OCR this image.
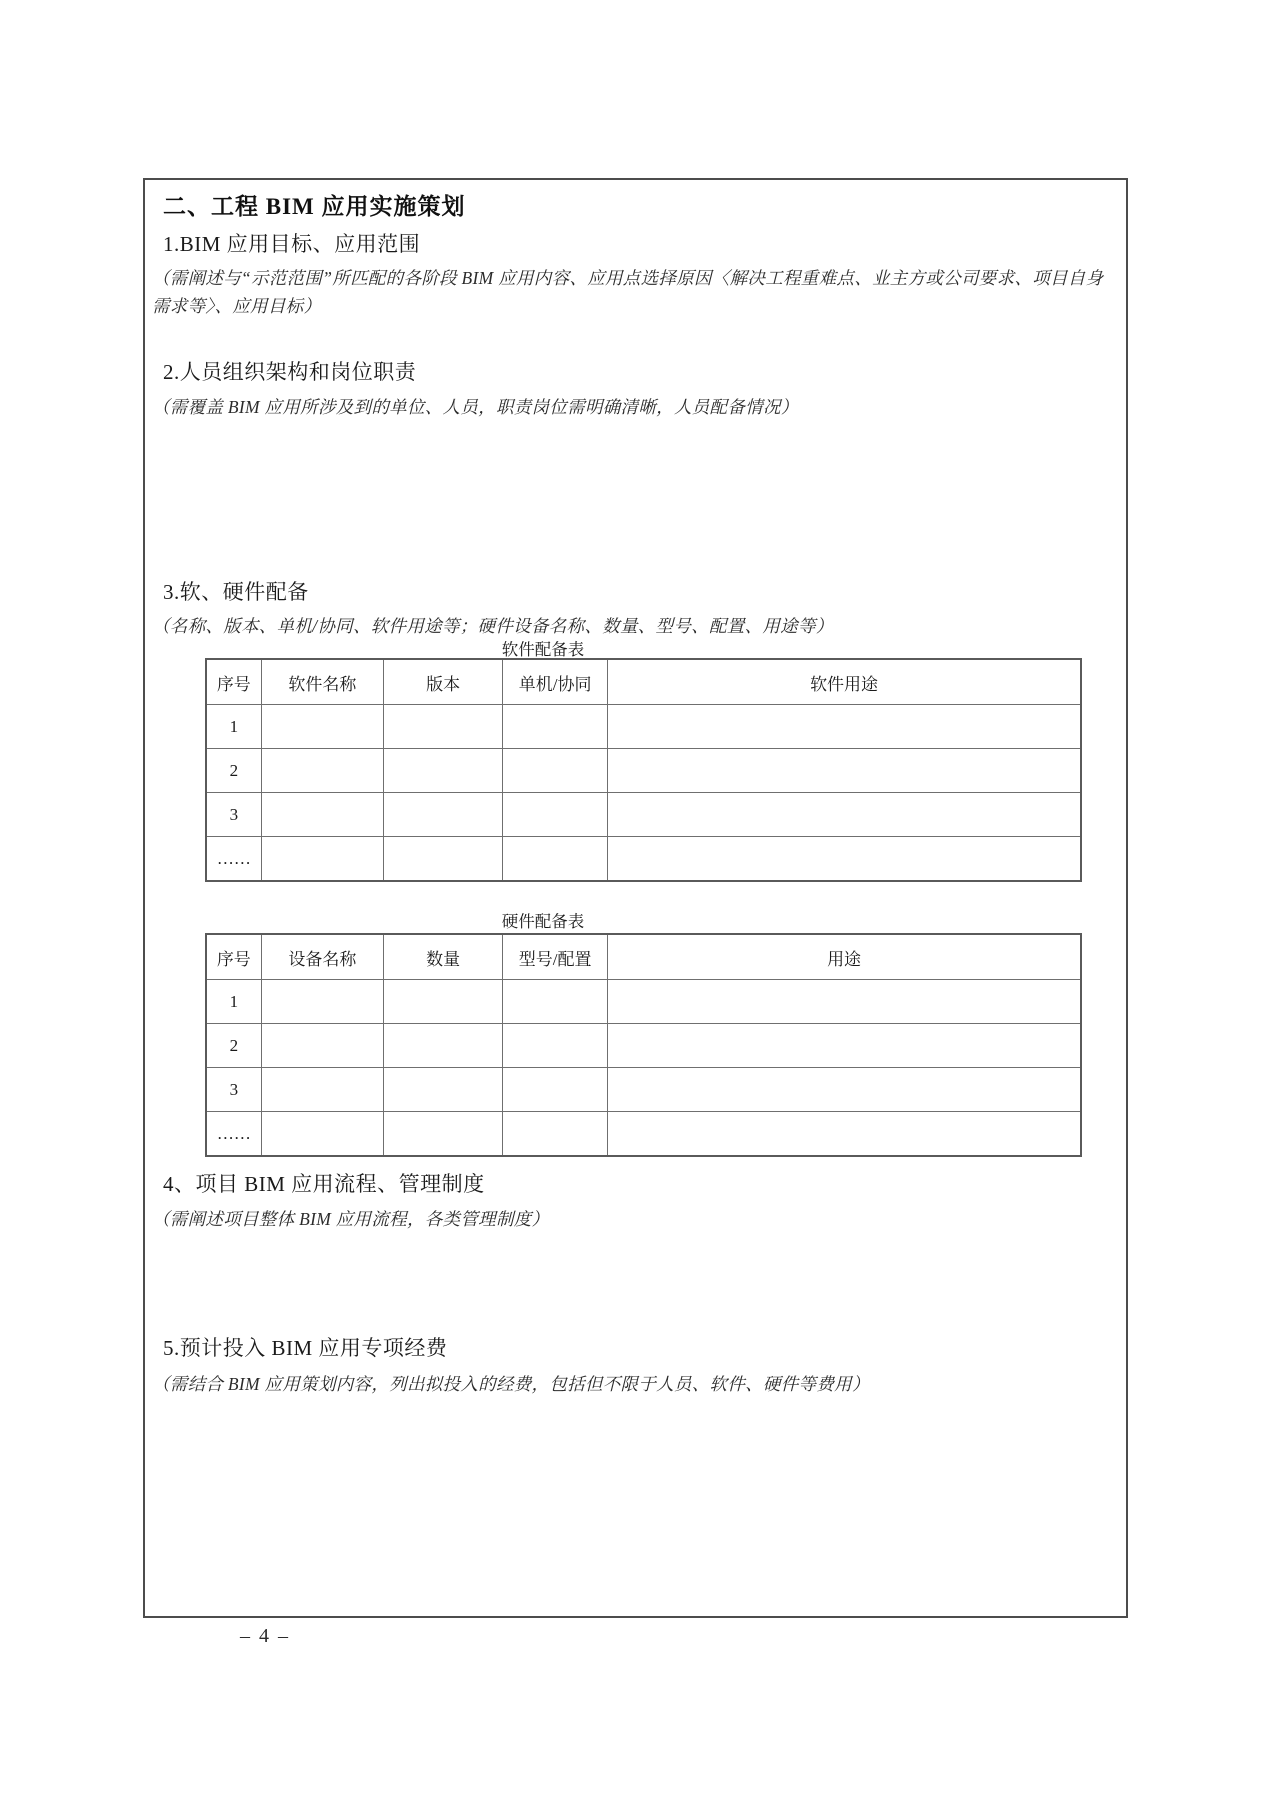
二、工程 BIM 应用实施策划
1.BIM 应用目标、应用范围
（需阐述与“示范范围”所匹配的各阶段 BIM 应用内容、应用点选择原因〈解决工程重难点、业主方或公司要求、项目自身需求等〉、应用目标）
2.人员组织架构和岗位职责
（需覆盖 BIM 应用所涉及到的单位、人员，职责岗位需明确清晰，人员配备情况）
3.软、硬件配备
（名称、版本、单机/协同、软件用途等；硬件设备名称、数量、型号、配置、用途等）
软件配备表
序号	软件名称	版本	单机/协同	软件用途
1				
2				
3				
……				
硬件配备表
序号	设备名称	数量	型号/配置	用途
1				
2				
3				
……				
4、项目 BIM 应用流程、管理制度
（需阐述项目整体 BIM 应用流程，各类管理制度）
5.预计投入 BIM 应用专项经费
（需结合 BIM 应用策划内容，列出拟投入的经费，包括但不限于人员、软件、硬件等费用）
– 4 –
